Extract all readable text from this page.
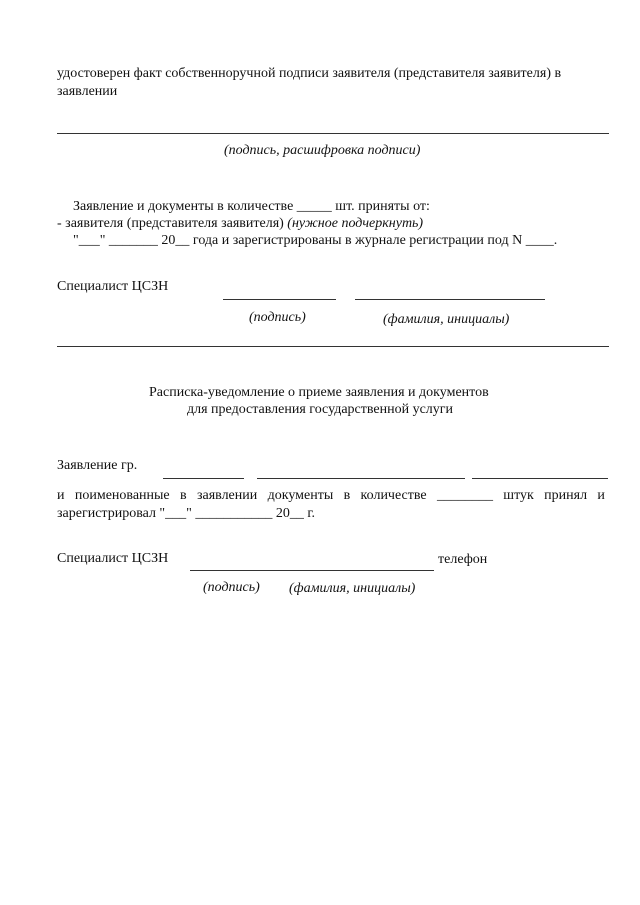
удостоверен факт собственноручной подписи заявителя (представителя заявителя) в
заявлении
(подпись, расшифровка подписи)
Заявление и документы в количестве _____ шт. приняты от:
- заявителя (представителя заявителя) (нужное подчеркнуть)
"___" _______ 20__ года и зарегистрированы в журнале регистрации под N ____.
Специалист ЦСЗН
(подпись)	(фамилия, инициалы)
Расписка-уведомление о приеме заявления и документов
для предоставления государственной услуги
Заявление гр.
и поименованные в заявлении документы в количестве ________ штук принял и
зарегистрировал "___" ___________ 20__ г.
Специалист ЦСЗН	телефон
(подпись) (фамилия, инициалы)
